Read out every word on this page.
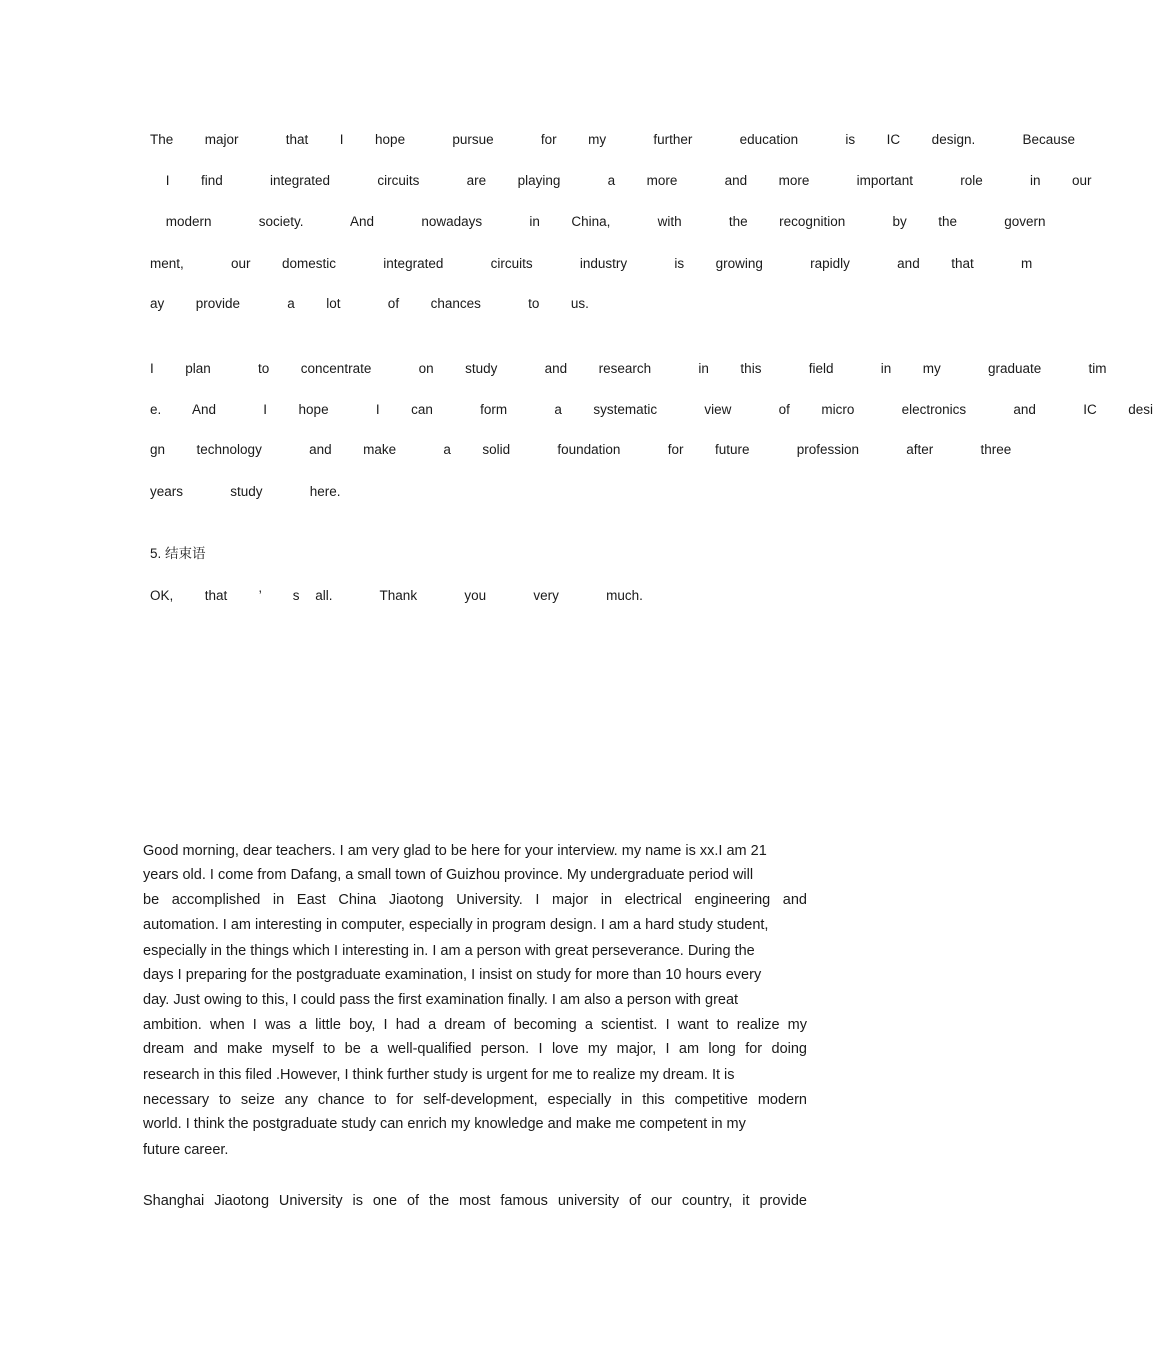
The  major   that  I  hope   pursue   for  my   further   education   is  IC  design.   Because
I  find   integrated   circuits   are  playing   a  more   and  more   important   role   in  our
modern   society.   And   nowadays   in  China,   with   the  recognition   by  the   govern
ment,   our  domestic   integrated   circuits   industry   is  growing   rapidly   and  that   m
ay  provide   a  lot   of  chances   to  us.
I  plan   to  concentrate   on  study   and  research   in  this   field   in  my   graduate   tim
e.  And   I  hope   I  can   form   a  systematic   view   of  micro   electronics   and   IC  desi
gn  technology   and  make   a  solid   foundation   for  future   profession   after   three
years   study   here.
5. 结束语
OK,  that  ’  s all.   Thank   you   very   much.
Good morning, dear teachers. I am very glad to be here for your interview. my name is xx.I am 21
years old. I come from Dafang, a small town of Guizhou province. My undergraduate period will
be accomplished in East China Jiaotong University. I major in electrical engineering and
automation. I am interesting in computer, especially in program design. I am a hard study student,
especially in the things which I interesting in. I am a person with great perseverance. During the
days I preparing for the postgraduate examination, I insist on study for more than 10 hours every
day. Just owing to this, I could pass the first examination finally. I am also a person with great
ambition. when I was a little boy, I had a dream of becoming a scientist. I want to realize my
dream and make myself to be a well-qualified person. I love my major, I am long for doing
research in this filed .However, I think further study is urgent for me to realize my dream. It is
necessary to seize any chance to for self-development, especially in this competitive modern
world. I think the postgraduate study can enrich my knowledge and make me competent in my
future career.
Shanghai Jiaotong University is one of the most famous university of our country, it provide
